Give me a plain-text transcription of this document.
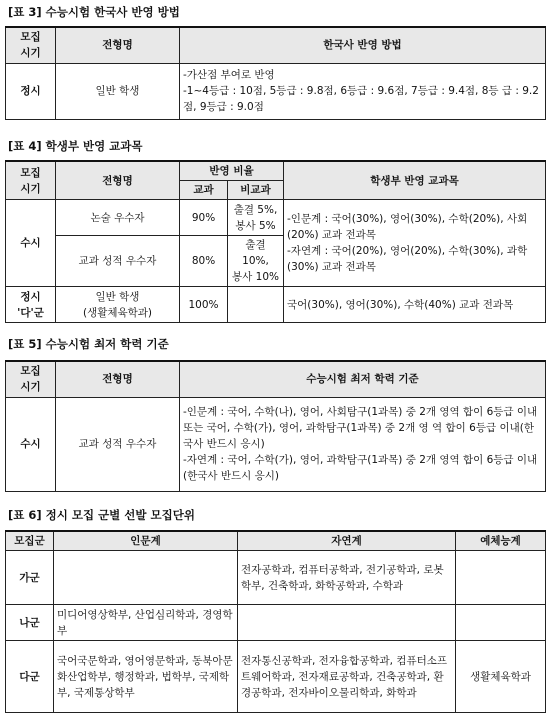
[표 3] 수능시험 한국사 반영 방법
모집
시기	전형명	한국사 반영 방법
정시	일반 학생	-가산점 부여로 반영
-1~4등급 : 10점, 5등급 : 9.8점, 6등급 : 9.6점, 7등급 : 9.4점, 8등 급 : 9.2점, 9등급 : 9.0점
[표 4] 학생부 반영 교과목
모집
시기	전형명	반영 비율		학생부 반영 교과목
		교과	비교과	
수시	논술 우수자	90%	출결 5%,
봉사 5%	-인문계 : 국어(30%), 영어(30%), 수학(20%), 사회(20%) 교과 전과목
-자연계 : 국어(20%), 영어(20%), 수학(30%), 과학(30%) 교과 전과목
	교과 성적 우수자	80%	출결 10%,
봉사 10%	
정시
'다'군	일반 학생
(생활체육학과)	100%		국어(30%), 영어(30%), 수학(40%) 교과 전과목
[표 5] 수능시험 최저 학력 기준
모집
시기	전형명	수능시험 최저 학력 기준
수시	교과 성적 우수자	-인문계 : 국어, 수학(나), 영어, 사회탐구(1과목) 중 2개 영역 합이 6등급 이내 또는 국어, 수학(가), 영어, 과학탐구(1과목) 중 2개 영 역 합이 6등급 이내(한국사 반드시 응시)
-자연계 : 국어, 수학(가), 영어, 과학탐구(1과목) 중 2개 영역 합이 6등급 이내(한국사 반드시 응시)
[표 6] 정시 모집 군별 선발 모집단위
모집군	인문계	자연계	예체능계
가군		전자공학과, 컴퓨터공학과, 전기공학과, 로봇학부, 건축학과, 화학공학과, 수학과	
나군	미디어영상학부, 산업심리학과, 경영학부		
다군	국어국문학과, 영어영문학과, 동북아문화산업학부, 행정학과, 법학부, 국제학부, 국제통상학부	전자통신공학과, 전자융합공학과, 컴퓨터소프트웨어학과, 전자재료공학과, 건축공학과, 환경공학과, 전자바이오물리학과, 화학과	생활체육학과
